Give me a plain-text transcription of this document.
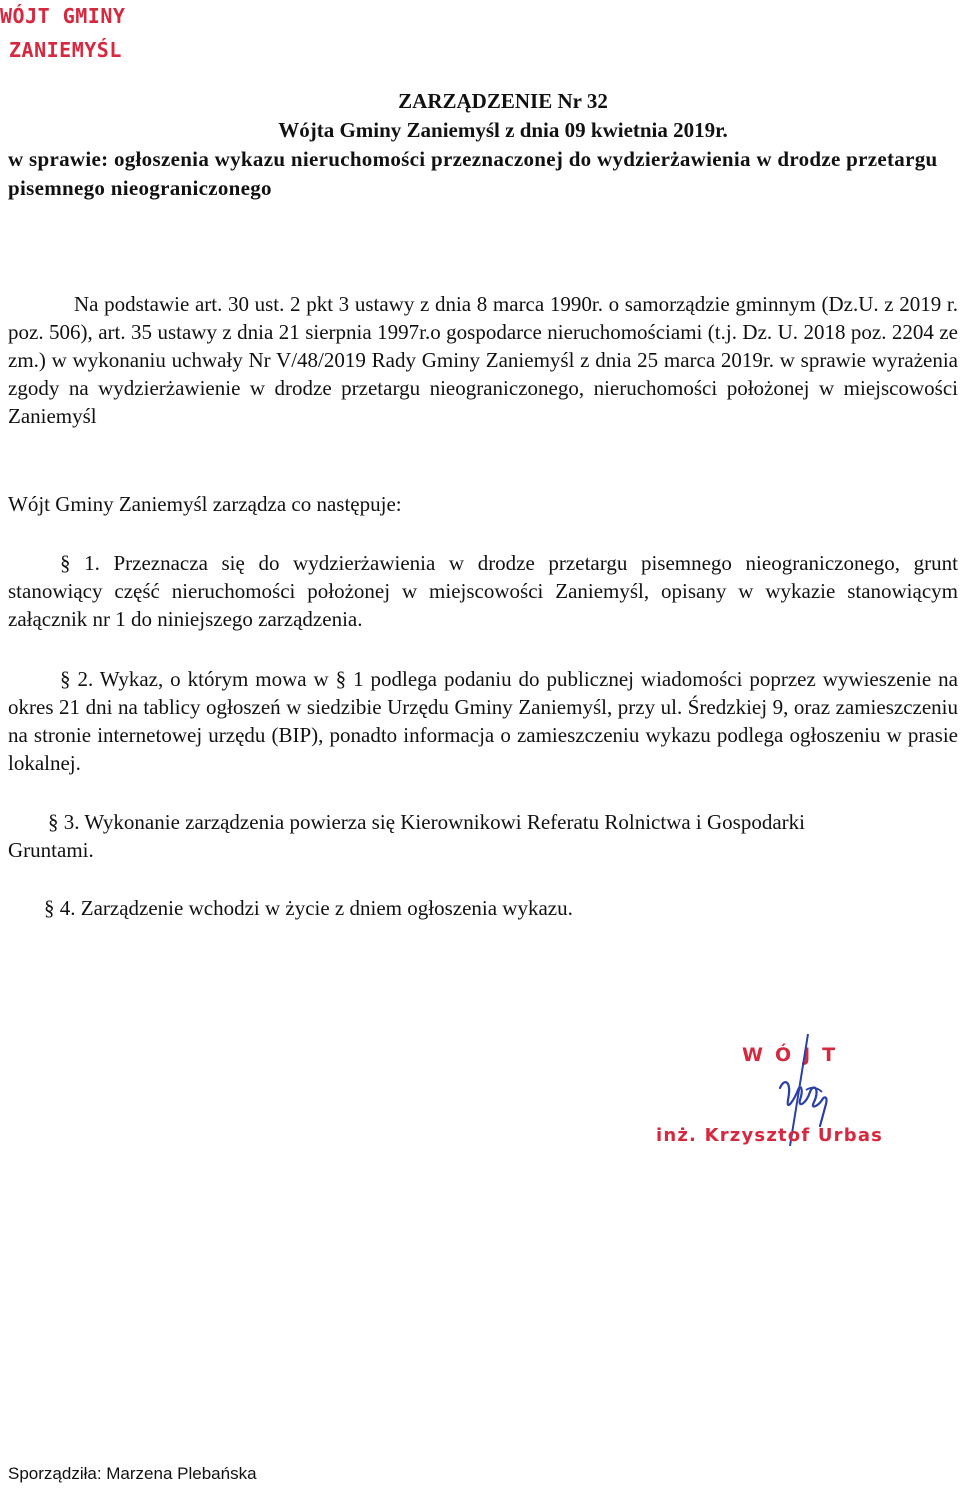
WÓJT GMINY
ZANIEMYŚL
ZARZĄDZENIE Nr 32
Wójta Gminy Zaniemyśl z dnia 09 kwietnia 2019r.
w sprawie: ogłoszenia wykazu nieruchomości przeznaczonej do wydzierżawienia w drodze przetargu pisemnego nieograniczonego
Na podstawie art. 30 ust. 2 pkt 3 ustawy z dnia 8 marca 1990r. o samorządzie gminnym (Dz.U. z 2019 r. poz. 506), art. 35 ustawy z dnia 21 sierpnia 1997r.o gospodarce nieruchomościami (t.j. Dz. U. 2018 poz. 2204 ze zm.) w wykonaniu uchwały Nr V/48/2019 Rady Gminy Zaniemyśl z dnia 25 marca 2019r. w sprawie wyrażenia zgody na wydzierżawienie w drodze przetargu nieograniczonego, nieruchomości położonej w miejscowości Zaniemyśl
Wójt Gminy Zaniemyśl zarządza co następuje:
§ 1. Przeznacza się do wydzierżawienia w drodze przetargu pisemnego nieograniczonego, grunt stanowiący część nieruchomości położonej w miejscowości Zaniemyśl, opisany w wykazie stanowiącym załącznik nr 1 do niniejszego zarządzenia.
§ 2. Wykaz, o którym mowa w § 1 podlega podaniu do publicznej wiadomości poprzez wywieszenie na okres 21 dni na tablicy ogłoszeń w siedzibie Urzędu Gminy Zaniemyśl, przy ul. Średzkiej 9, oraz zamieszczeniu na stronie internetowej urzędu (BIP), ponadto informacja o zamieszczeniu wykazu podlega ogłoszeniu w prasie lokalnej.
§ 3. Wykonanie zarządzenia powierza się Kierownikowi Referatu Rolnictwa i Gospodarki Gruntami.
§ 4. Zarządzenie wchodzi w życie z dniem ogłoszenia wykazu.
WÓJT
inż. Krzysztof Urbas
Sporządziła: Marzena Plebańska
